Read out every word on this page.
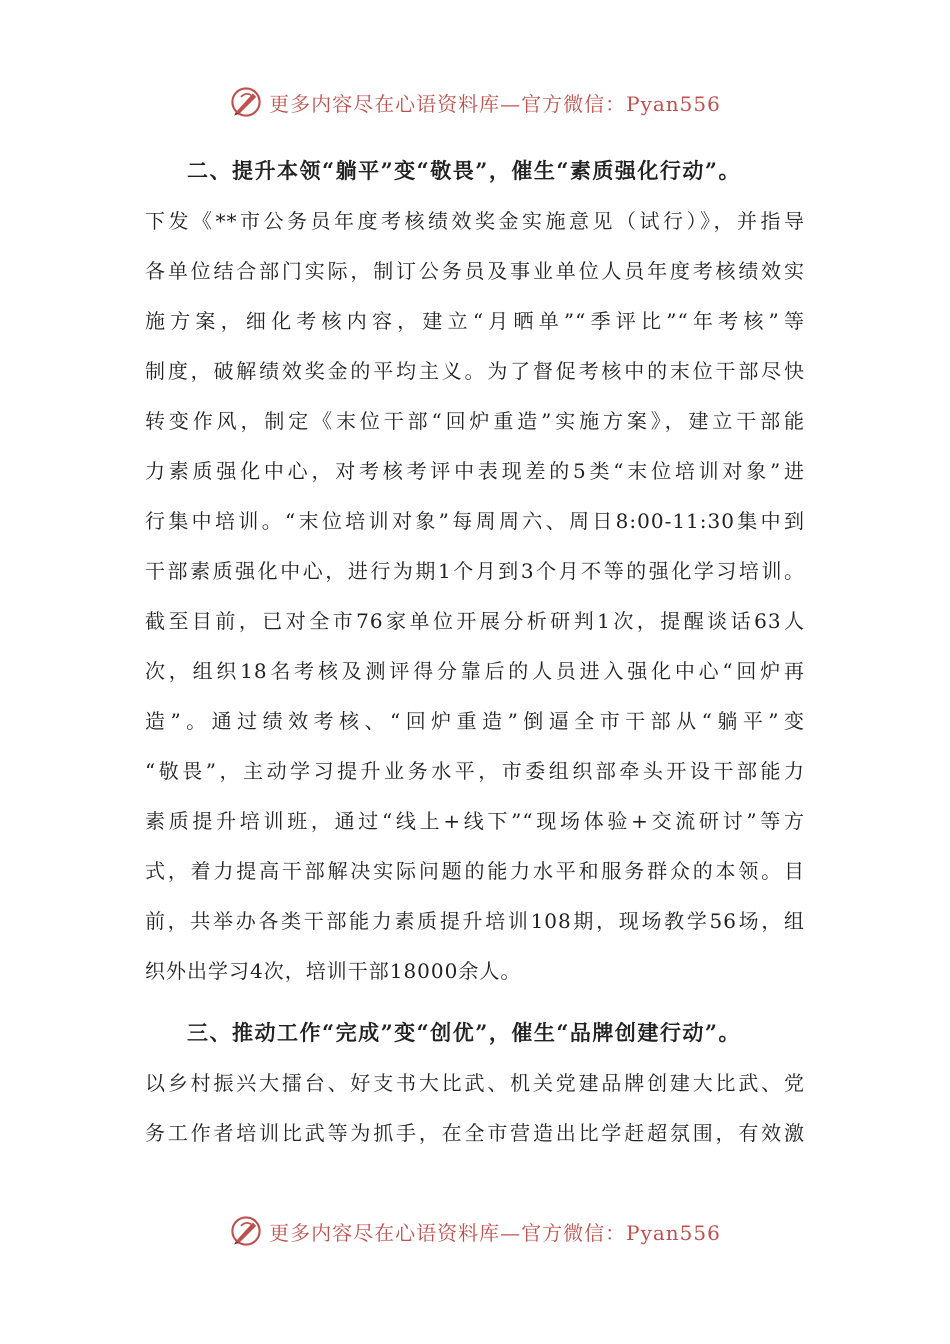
更多内容尽在心语资料库—官方微信：Pyan556

二、提升本领“躺平”变“敬畏”，催生“素质强化行动”。

下发《**市公务员年度考核绩效奖金实施意见（试行）》，并指导
各单位结合部门实际，制订公务员及事业单位人员年度考核绩效实
施方案，细化考核内容，建立“月晒单”“季评比”“年考核”等
制度，破解绩效奖金的平均主义。为了督促考核中的末位干部尽快
转变作风，制定《末位干部“回炉重造”实施方案》，建立干部能
力素质强化中心，对考核考评中表现差的5类“末位培训对象”进
行集中培训。“末位培训对象”每周周六、周日8:00-11:30集中到
干部素质强化中心，进行为期1个月到3个月不等的强化学习培训。
截至目前，已对全市76家单位开展分析研判1次，提醒谈话63人
次，组织18名考核及测评得分靠后的人员进入强化中心“回炉再
造”。通过绩效考核、“回炉重造”倒逼全市干部从“躺平”变
“敬畏”，主动学习提升业务水平，市委组织部牵头开设干部能力
素质提升培训班，通过“线上+线下”“现场体验+交流研讨”等方
式，着力提高干部解决实际问题的能力水平和服务群众的本领。目
前，共举办各类干部能力素质提升培训108期，现场教学56场，组
织外出学习4次，培训干部18000余人。

三、推动工作“完成”变“创优”，催生“品牌创建行动”。

以乡村振兴大擂台、好支书大比武、机关党建品牌创建大比武、党
务工作者培训比武等为抓手，在全市营造出比学赶超氛围，有效激
更多内容尽在心语资料库—官方微信：Pyan556
